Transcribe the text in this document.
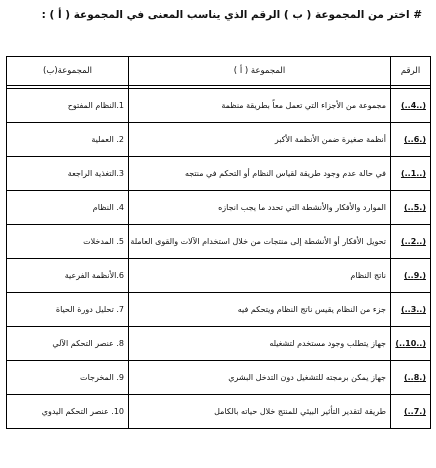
# اختر من المجموعة ( ب ) الرقم الذي يناسب المعنى في المجموعة ( أ ) :
الرقم	المجموعة ( أ )	المجموعة(ب)

(..4..)	مجموعة من الأجزاء التي تعمل معاً بطريقة منظمة	1.النظام المفتوح
(.6..)	أنظمة صغيرة ضمن الأنظمة الأكبر	2. العملية
(..1..)	في حالة عدم وجود طريقة لقياس النظام أو التحكم في منتجه	3.التغذية الراجعة
(.5..)	الموارد والأفكار والأنشطة التي تحدد ما يجب انجازه	4. النظام
(..2..)	تحويل الأفكار أو الأنشطة إلى منتجات من خلال استخدام الآلات والقوى العاملة	5. المدخلات
(.9..)	ناتج النظام	6.الأنظمة الفرعية
(..3..)	جزء من النظام يقيس ناتج النظام ويتحكم فيه	7. تحليل دورة الحياة
(..10..)	جهاز يتطلب وجود مستخدم لتشغيله	8. عنصر التحكم الآلي
(.8..)	جهاز يمكن برمجته للتشغيل دون التدخل البشري	9. المخرجات
(.7..)	طريقة لتقدير التأثير البيئي للمنتج خلال حياته بالكامل	10. عنصر التحكم اليدوي
